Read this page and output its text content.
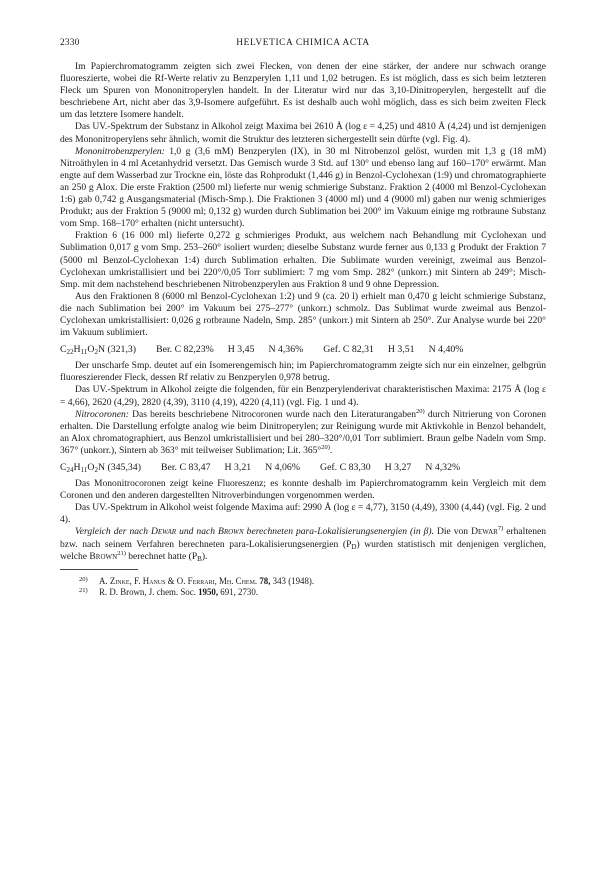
2330	HELVETICA CHIMICA ACTA

Im Papierchromatogramm zeigten sich zwei Flecken, von denen der eine stärker, der andere nur schwach orange fluoreszierte, wobei die Rf-Werte relativ zu Benzperylen 1,11 und 1,02 betrugen. Es ist möglich, dass es sich beim letzteren Fleck um Spuren von Mononitroperylen handelt. In der Literatur wird nur das 3,10-Dinitroperylen, hergestellt auf die beschriebene Art, nicht aber das 3,9-Isomere aufgeführt. Es ist deshalb auch wohl möglich, dass es sich beim zweiten Fleck um das letztere Isomere handelt.

Das UV.-Spektrum der Substanz in Alkohol zeigt Maxima bei 2610 Å (log ε = 4,25) und 4810 Å (4,24) und ist demjenigen des Mononitroperylens sehr ähnlich, womit die Struktur des letzteren sichergestellt sein dürfte (vgl. Fig. 4).

Mononitrobenzperylen: 1,0 g (3,6 mM) Benzperylen (IX), in 30 ml Nitrobenzol gelöst, wurden mit 1,3 g (18 mM) Nitroäthylen in 4 ml Acetanhydrid versetzt. Das Gemisch wurde 3 Std. auf 130° und ebenso lang auf 160–170° erwärmt. Man engte auf dem Wasserbad zur Trockne ein, löste das Rohprodukt (1,446 g) in Benzol-Cyclohexan (1:9) und chromatographierte an 250 g Alox. Die erste Fraktion (2500 ml) lieferte nur wenig schmierige Substanz. Fraktion 2 (4000 ml Benzol-Cyclohexan 1:6) gab 0,742 g Ausgangsmaterial (Misch-Smp.). Die Fraktionen 3 (4000 ml) und 4 (9000 ml) gaben nur wenig schmieriges Produkt; aus der Fraktion 5 (9000 ml; 0,132 g) wurden durch Sublimation bei 200° im Vakuum einige mg rotbraune Substanz vom Smp. 168–170° erhalten (nicht untersucht).

Fraktion 6 (16 000 ml) lieferte 0,272 g schmieriges Produkt, aus welchem nach Behandlung mit Cyclohexan und Sublimation 0,017 g vom Smp. 253–260° isoliert wurden; dieselbe Substanz wurde ferner aus 0,133 g Produkt der Fraktion 7 (5000 ml Benzol-Cyclohexan 1:4) durch Sublimation erhalten. Die Sublimate wurden vereinigt, zweimal aus Benzol-Cyclohexan umkristallisiert und bei 220°/0,05 Torr sublimiert: 7 mg vom Smp. 282° (unkorr.) mit Sintern ab 249°; Misch-Smp. mit dem nachstehend beschriebenen Nitrobenzperylen aus Fraktion 8 und 9 ohne Depression.

Aus den Fraktionen 8 (6000 ml Benzol-Cyclohexan 1:2) und 9 (ca. 20 l) erhielt man 0,470 g leicht schmierige Substanz, die nach Sublimation bei 200° im Vakuum bei 275–277° (unkorr.) schmolz. Das Sublimat wurde zweimal aus Benzol-Cyclohexan umkristallisiert: 0,026 g rotbraune Nadeln, Smp. 285° (unkorr.) mit Sintern ab 250°. Zur Analyse wurde bei 220° im Vakuum sublimiert.

$C_{22}H_{11}O_2N$ (321,3) Ber. C 82,23% H 3,45 N 4,36% Gef. C 82,31 H 3,51 N 4,40%

Der unscharfe Smp. deutet auf ein Isomerengemisch hin; im Papierchromatogramm zeigte sich nur ein einzelner, gelbgrün fluoreszierender Fleck, dessen Rf relativ zu Benzperylen 0,978 betrug.

Das UV.-Spektrum in Alkohol zeigte die folgenden, für ein Benzperylenderivat charakteristischen Maxima: 2175 Å (log ε = 4,66), 2620 (4,29), 2820 (4,39), 3110 (4,19), 4220 (4,11) (vgl. Fig. 1 und 4).

Nitrocoronen: Das bereits beschriebene Nitrocoronen wurde nach den Literaturangaben$^{20)}$ durch Nitrierung von Coronen erhalten. Die Darstellung erfolgte analog wie beim Dinitroperylen; zur Reinigung wurde mit Aktivkohle in Benzol behandelt, an Alox chromatographiert, aus Benzol umkristallisiert und bei 280–320°/0,01 Torr sublimiert. Braun gelbe Nadeln vom Smp. 367° (unkorr.), Sintern ab 363° mit teilweiser Sublimation; Lit. 365°$^{20)}$.

$C_{24}H_{11}O_2N$ (345,34) Ber. C 83,47 H 3,21 N 4,06% Gef. C 83,30 H 3,27 N 4,32%

Das Mononitrocoronen zeigt keine Fluoreszenz; es konnte deshalb im Papierchromatogramm kein Vergleich mit dem Coronen und den anderen dargestellten Nitroverbindungen vorgenommen werden.

Das UV.-Spektrum in Alkohol weist folgende Maxima auf: 2990 Å (log ε = 4,77), 3150 (4,49), 3300 (4,44) (vgl. Fig. 2 und 4).

Vergleich der nach Dewar und nach Brown berechneten para-Lokalisierungsenergien (in β). Die von Dewar$^{7)}$ erhaltenen bzw. nach seinem Verfahren berechneten para-Lokalisierungsenergien $(P_D)$ wurden statistisch mit denjenigen verglichen, welche Brown$^{21)}$ berechnet hatte $(P_B)$.

$^{20)}$ A. Zinke, F. Hanus & O. Ferrari, Mh. Chem. 78, 343 (1948).

$^{21)}$ R. D. Brown, J. chem. Soc. 1950, 691, 2730.
